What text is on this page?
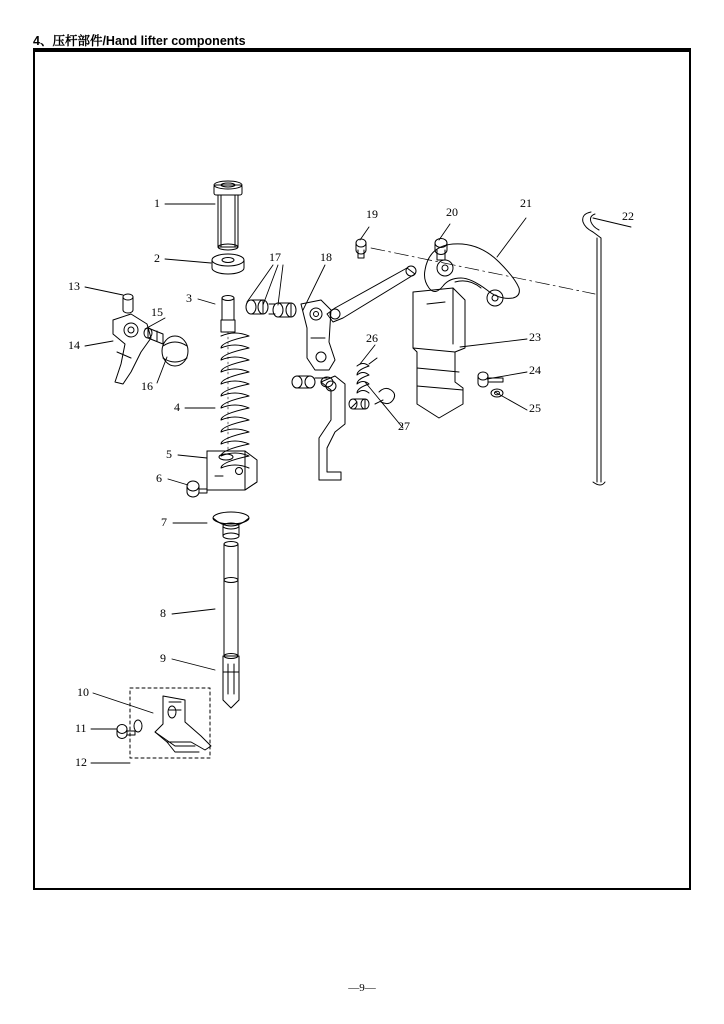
4、压杆部件/Hand lifter components
1
2
3
4
5
6
7
8
9
10
11
12
13
14
15
16
17	18
19	20
21
22
23
24
25
26
27
—9—
